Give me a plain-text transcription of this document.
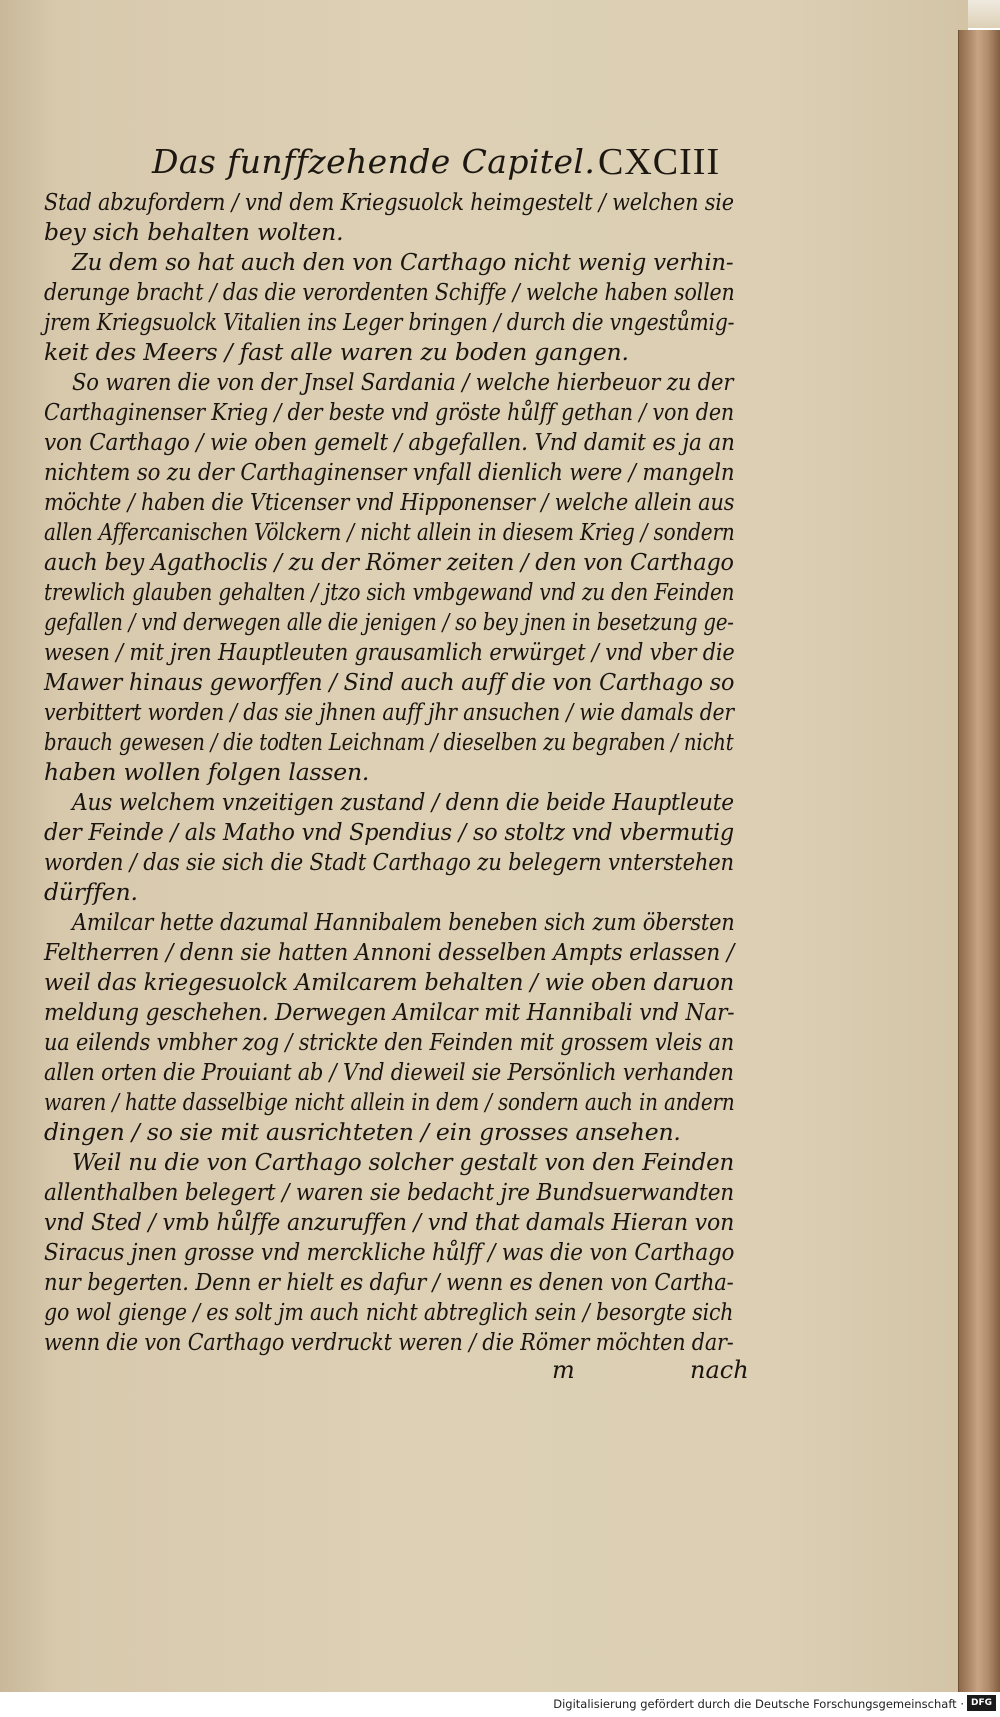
Das funffzehende Capitel. CXCIII
Stad abzufordern / vnd dem Kriegsuolck heimgestelt / welchen sie
bey sich behalten wolten.
Zu dem so hat auch den von Carthago nicht wenig verhin-
derunge bracht / das die verordenten Schiffe / welche haben sollen
jrem Kriegsuolck Vitalien ins Leger bringen / durch die vngestůmig-
keit des Meers / fast alle waren zu boden gangen.
So waren die von der Jnsel Sardania / welche hierbeuor zu der
Carthaginenser Krieg / der beste vnd gröste hůlff gethan / von den
von Carthago / wie oben gemelt / abgefallen. Vnd damit es ja an
nichtem so zu der Carthaginenser vnfall dienlich were / mangeln
möchte / haben die Vticenser vnd Hipponenser / welche allein aus
allen Affercanischen Völckern / nicht allein in diesem Krieg / sondern
auch bey Agathoclis / zu der Römer zeiten / den von Carthago
trewlich glauben gehalten / jtzo sich vmbgewand vnd zu den Feinden
gefallen / vnd derwegen alle die jenigen / so bey jnen in besetzung ge-
wesen / mit jren Hauptleuten grausamlich erwürget / vnd vber die
Mawer hinaus geworffen / Sind auch auff die von Carthago so
verbittert worden / das sie jhnen auff jhr ansuchen / wie damals der
brauch gewesen / die todten Leichnam / dieselben zu begraben / nicht
haben wollen folgen lassen.
Aus welchem vnzeitigen zustand / denn die beide Hauptleute
der Feinde / als Matho vnd Spendius / so stoltz vnd vbermutig
worden / das sie sich die Stadt Carthago zu belegern vnterstehen
dürffen.
Amilcar hette dazumal Hannibalem beneben sich zum öbersten
Feltherren / denn sie hatten Annoni desselben Ampts erlassen /
weil das kriegesuolck Amilcarem behalten / wie oben daruon
meldung geschehen. Derwegen Amilcar mit Hannibali vnd Nar-
ua eilends vmbher zog / strickte den Feinden mit grossem vleis an
allen orten die Prouiant ab / Vnd dieweil sie Persönlich verhanden
waren / hatte dasselbige nicht allein in dem / sondern auch in andern
dingen / so sie mit ausrichteten / ein grosses ansehen.
Weil nu die von Carthago solcher gestalt von den Feinden
allenthalben belegert / waren sie bedacht jre Bundsuerwandten
vnd Sted / vmb hůlffe anzuruffen / vnd that damals Hieran von
Siracus jnen grosse vnd merckliche hůlff / was die von Carthago
nur begerten. Denn er hielt es dafur / wenn es denen von Cartha-
go wol gienge / es solt jm auch nicht abtreglich sein / besorgte sich
wenn die von Carthago verdruckt weren / die Römer möchten dar-
m	nach
Digitalisierung gefördert durch die Deutsche Forschungsgemeinschaft · DFG
